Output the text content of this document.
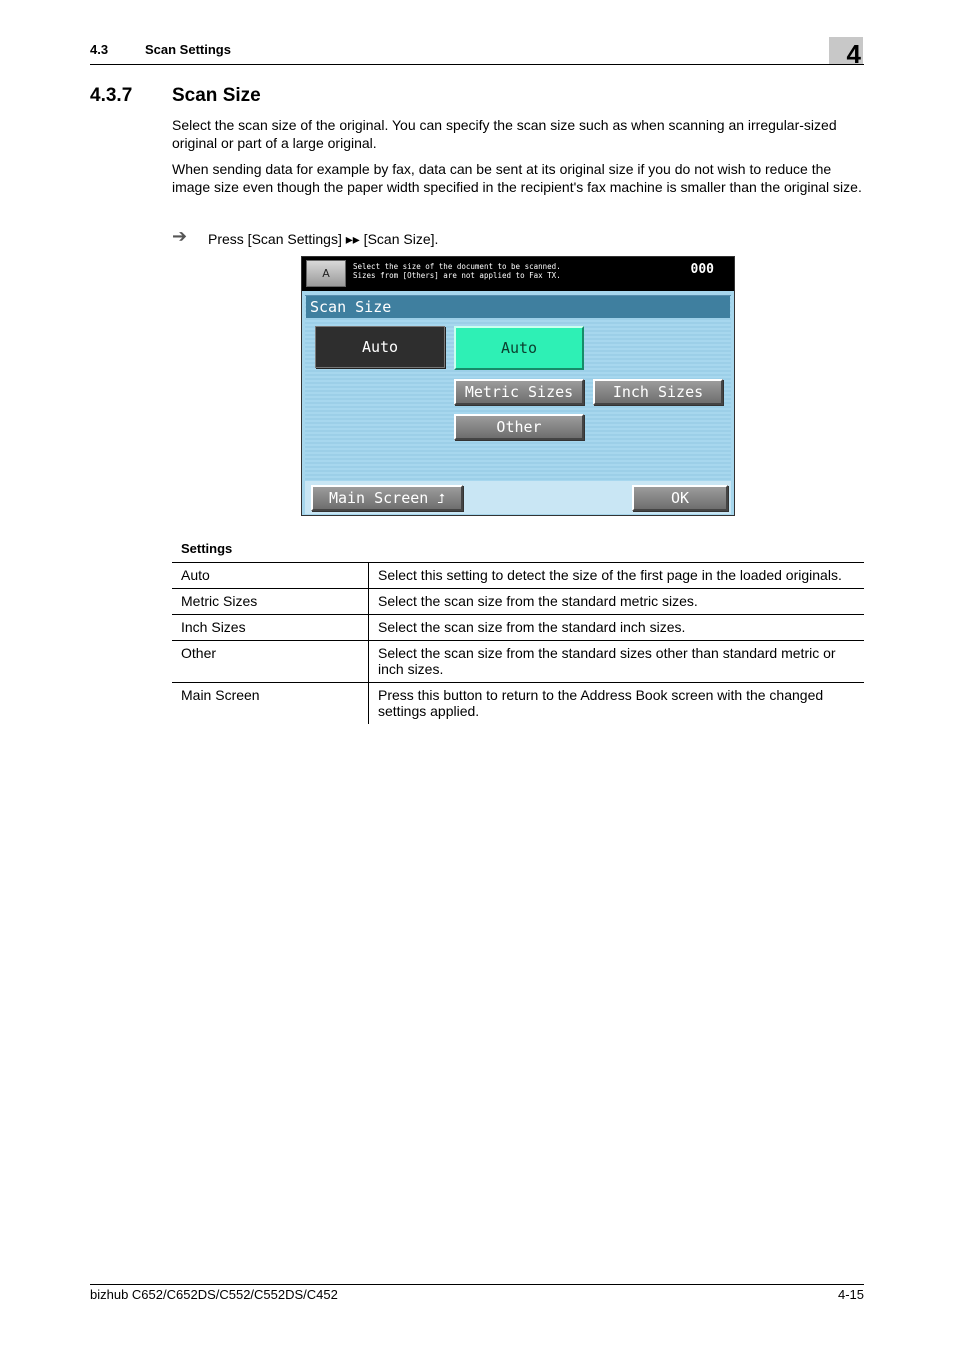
4.3	Scan Settings	4
4.3.7 Scan Size
Select the scan size of the original. You can specify the scan size such as when scanning an irregular-sized original or part of a large original.
When sending data for example by fax, data can be sent at its original size if you do not wish to reduce the image size even though the paper width specified in the recipient's fax machine is smaller than the original size.
➔ Press [Scan Settings] ▸▸ [Scan Size].
A
Select the size of the document to be scanned.
Sizes from [Others] are not applied to Fax TX.	000
Scan Size
Auto	Auto
Metric Sizes	Inch Sizes
Other
Main Screen ⮥	OK
Settings
Auto	Select this setting to detect the size of the first page in the loaded originals.
Metric Sizes	Select the scan size from the standard metric sizes.
Inch Sizes	Select the scan size from the standard inch sizes.
Other	Select the scan size from the standard sizes other than standard metric or inch sizes.
Main Screen	Press this button to return to the Address Book screen with the changed settings applied.
bizhub C652/C652DS/C552/C552DS/C452	4-15
